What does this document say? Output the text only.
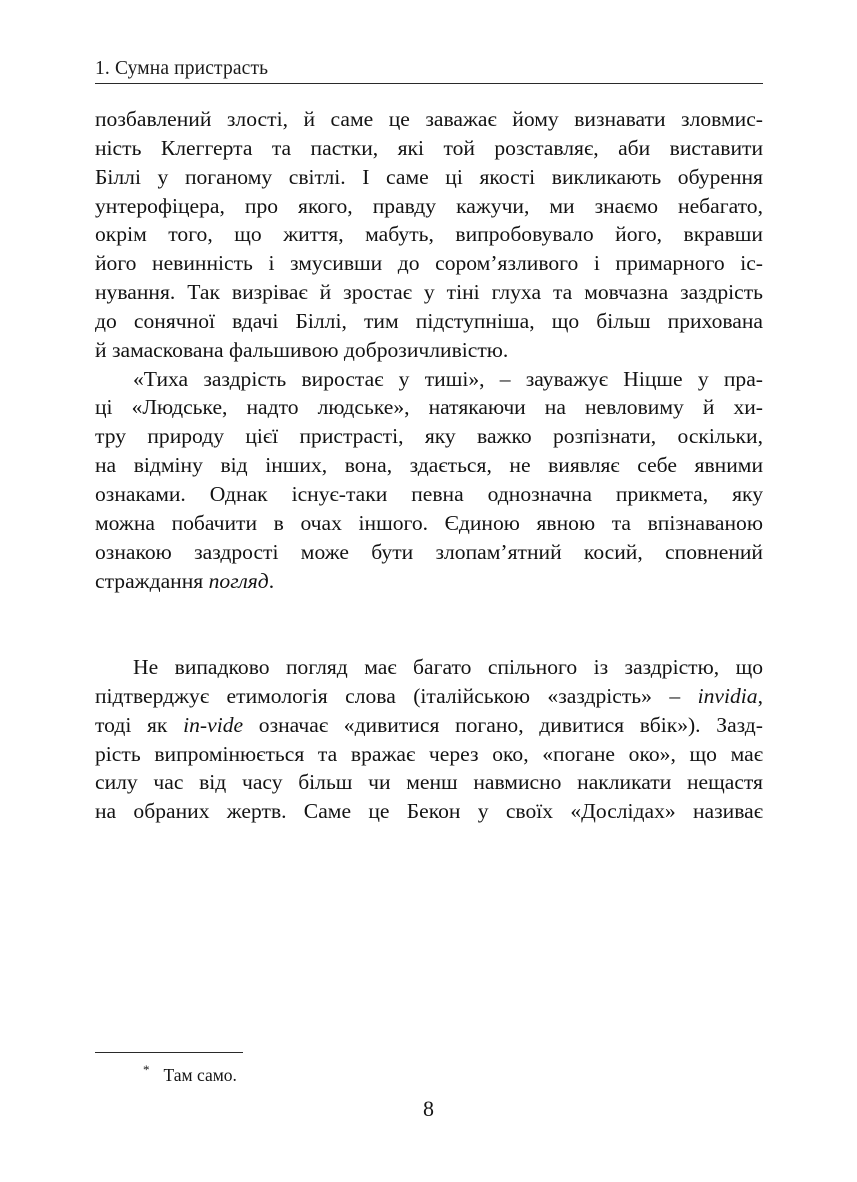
1. Сумна пристрасть
позбавлений злості, й саме це заважає йому визнавати зловмис-
ність Клеггерта та пастки, які той розставляє, аби виставити
Біллі у поганому світлі. І саме ці якості викликають обурення
унтерофіцера, про якого, правду кажучи, ми знаємо небагато,
окрім того, що життя, мабуть, випробовувало його, вкравши
його невинність і змусивши до сором’язливого і примарного іс-
нування. Так визріває й зростає у тіні глуха та мовчазна заздрість
до сонячної вдачі Біллі, тим підступніша, що більш прихована
й замаскована фальшивою доброзичливістю.
«Тиха заздрість виростає у тиші», – зауважує Ніцше у пра-
ці «Людське, надто людське», натякаючи на невловиму й хи-
тру природу цієї пристрасті, яку важко розпізнати, оскільки,
на відміну від інших, вона, здається, не виявляє себе явними
ознаками. Однак існує-таки певна однозначна прикмета, яку
можна побачити в очах іншого. Єдиною явною та впізнаваною
ознакою заздрості може бути злопам’ятний косий, сповнений
страждання погляд.
Не випадково погляд має багато спільного із заздрістю, що
підтверджує етимологія слова (італійською «заздрість» – invidia,
тоді як in-vide означає «дивитися погано, дивитися вбік»). Зазд-
рість випромінюється та вражає через око, «погане око», що має
силу час від часу більш чи менш навмисно накликати нещастя
на обраних жертв. Саме це Бекон у своїх «Дослідах» називає
* Там само.
8
